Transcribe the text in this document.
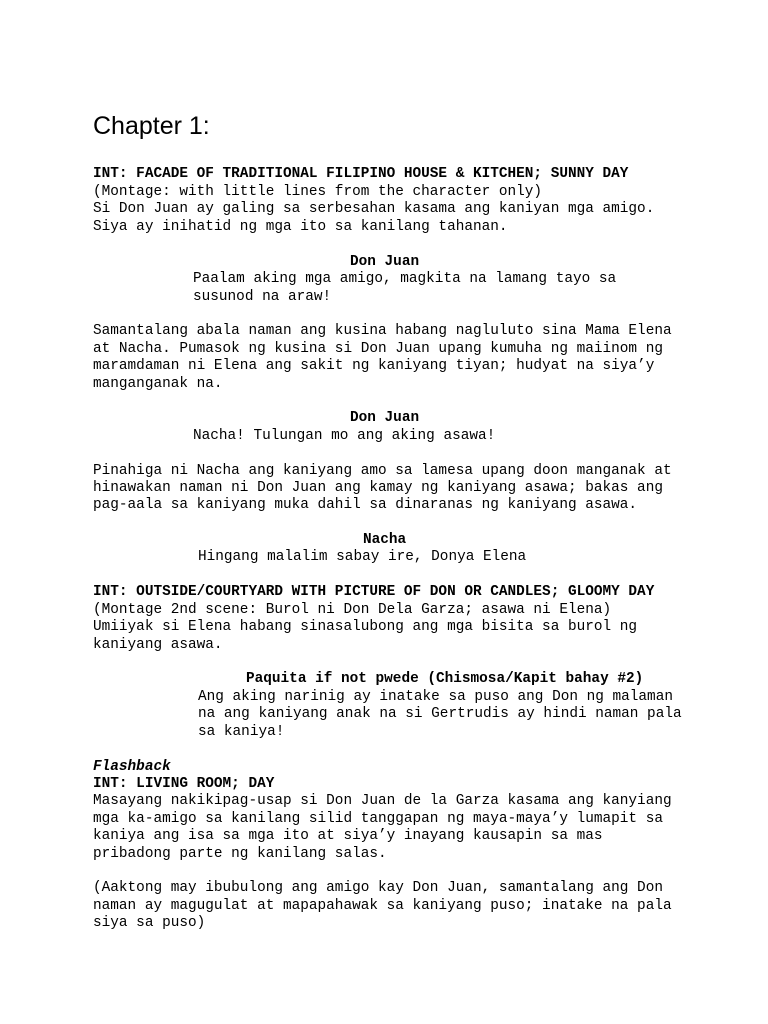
Chapter 1:
INT: FACADE OF TRADITIONAL FILIPINO HOUSE & KITCHEN; SUNNY DAY
(Montage: with little lines from the character only)
Si Don Juan ay galing sa serbesahan kasama ang kaniyan mga amigo.
Siya ay inihatid ng mga ito sa kanilang tahanan.
Don Juan
Paalam aking mga amigo, magkita na lamang tayo sa
susunod na araw!
Samantalang abala naman ang kusina habang nagluluto sina Mama Elena
at Nacha. Pumasok ng kusina si Don Juan upang kumuha ng maiinom ng
maramdaman ni Elena ang sakit ng kaniyang tiyan; hudyat na siya’y
manganganak na.
Don Juan
Nacha! Tulungan mo ang aking asawa!
Pinahiga ni Nacha ang kaniyang amo sa lamesa upang doon manganak at
hinawakan naman ni Don Juan ang kamay ng kaniyang asawa; bakas ang
pag-aala sa kaniyang muka dahil sa dinaranas ng kaniyang asawa.
Nacha
Hingang malalim sabay ire, Donya Elena
INT: OUTSIDE/COURTYARD WITH PICTURE OF DON OR CANDLES; GLOOMY DAY
(Montage 2nd scene: Burol ni Don Dela Garza; asawa ni Elena)
Umiiyak si Elena habang sinasalubong ang mga bisita sa burol ng
kaniyang asawa.
Paquita if not pwede (Chismosa/Kapit bahay #2)
Ang aking narinig ay inatake sa puso ang Don ng malaman
na ang kaniyang anak na si Gertrudis ay hindi naman pala
sa kaniya!
Flashback
INT: LIVING ROOM; DAY
Masayang nakikipag-usap si Don Juan de la Garza kasama ang kanyiang
mga ka-amigo sa kanilang silid tanggapan ng maya-maya’y lumapit sa
kaniya ang isa sa mga ito at siya’y inayang kausapin sa mas
pribadong parte ng kanilang salas.
(Aaktong may ibubulong ang amigo kay Don Juan, samantalang ang Don
naman ay magugulat at mapapahawak sa kaniyang puso; inatake na pala
siya sa puso)
